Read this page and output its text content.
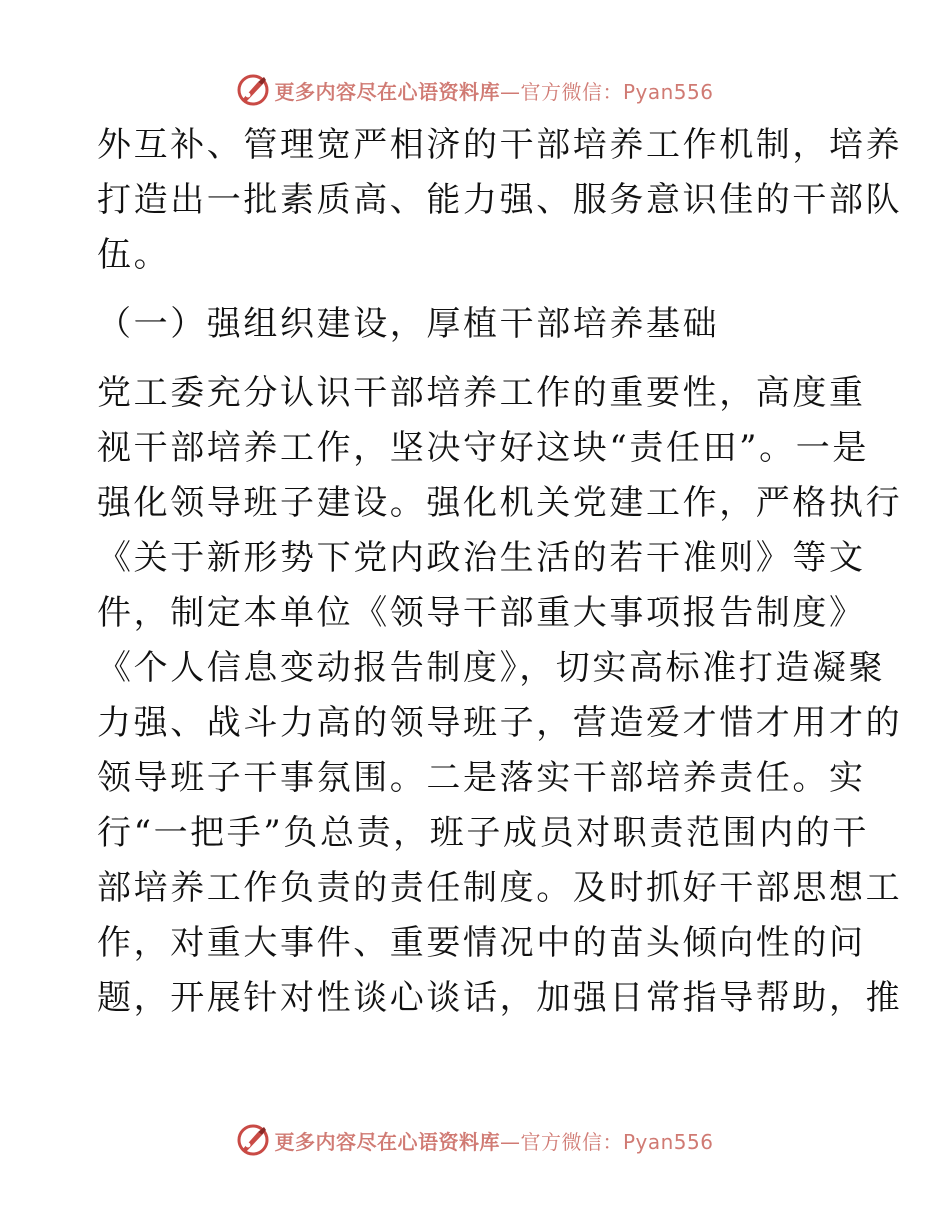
更多内容尽在心语资料库—官方微信：Pyan556
外互补、管理宽严相济的干部培养工作机制，培养
打造出一批素质高、能力强、服务意识佳的干部队
伍。
（一）强组织建设，厚植干部培养基础
党工委充分认识干部培养工作的重要性，高度重
视干部培养工作，坚决守好这块“责任田”。一是
强化领导班子建设。强化机关党建工作，严格执行
《关于新形势下党内政治生活的若干准则》等文
件，制定本单位《领导干部重大事项报告制度》
《个人信息变动报告制度》，切实高标准打造凝聚
力强、战斗力高的领导班子，营造爱才惜才用才的
领导班子干事氛围。二是落实干部培养责任。实
行“一把手”负总责，班子成员对职责范围内的干
部培养工作负责的责任制度。及时抓好干部思想工
作，对重大事件、重要情况中的苗头倾向性的问
题，开展针对性谈心谈话，加强日常指导帮助，推
更多内容尽在心语资料库—官方微信：Pyan556
